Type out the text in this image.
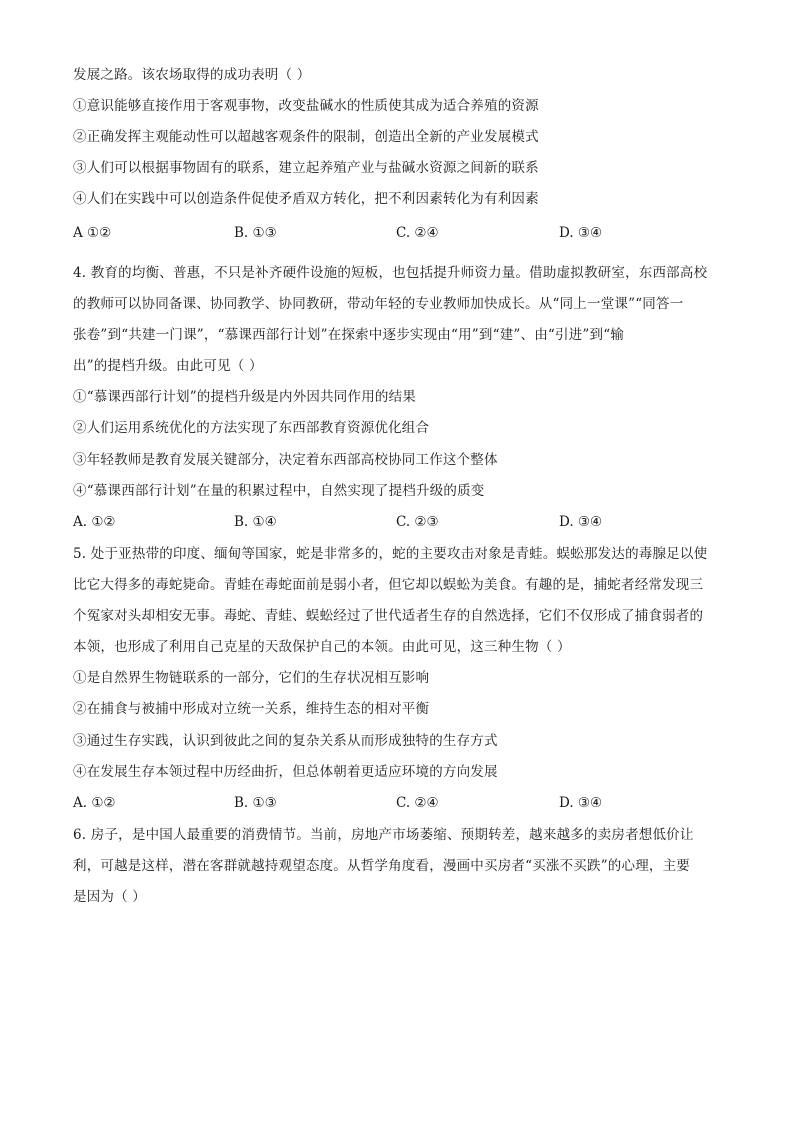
发展之路。该农场取得的成功表明（ ）
①意识能够直接作用于客观事物，改变盐碱水的性质使其成为适合养殖的资源
②正确发挥主观能动性可以超越客观条件的限制，创造出全新的产业发展模式
③人们可以根据事物固有的联系，建立起养殖产业与盐碱水资源之间新的联系
④人们在实践中可以创造条件促使矛盾双方转化，把不利因素转化为有利因素
A ①②	B. ①③	C. ②④	D. ③④
4. 教育的均衡、普惠，不只是补齐硬件设施的短板，也包括提升师资力量。借助虚拟教研室，东西部高校
的教师可以协同备课、协同教学、协同教研，带动年轻的专业教师加快成长。从“同上一堂课”“同答一
张卷”到“共建一门课”，“慕课西部行计划”在探索中逐步实现由“用”到“建”、由“引进”到“输
出”的提档升级。由此可见（ ）
①“慕课西部行计划”的提档升级是内外因共同作用的结果
②人们运用系统优化的方法实现了东西部教育资源优化组合
③年轻教师是教育发展关键部分，决定着东西部高校协同工作这个整体
④“慕课西部行计划”在量的积累过程中，自然实现了提档升级的质变
A. ①②	B. ①④	C. ②③	D. ③④
5. 处于亚热带的印度、缅甸等国家，蛇是非常多的，蛇的主要攻击对象是青蛙。蜈蚣那发达的毒腺足以使
比它大得多的毒蛇毙命。青蛙在毒蛇面前是弱小者，但它却以蜈蚣为美食。有趣的是，捕蛇者经常发现三
个冤家对头却相安无事。毒蛇、青蛙、蜈蚣经过了世代适者生存的自然选择，它们不仅形成了捕食弱者的
本领，也形成了利用自己克星的天敌保护自己的本领。由此可见，这三种生物（ ）
①是自然界生物链联系的一部分，它们的生存状况相互影响
②在捕食与被捕中形成对立统一关系，维持生态的相对平衡
③通过生存实践，认识到彼此之间的复杂关系从而形成独特的生存方式
④在发展生存本领过程中历经曲折，但总体朝着更适应环境的方向发展
A. ①②	B. ①③	C. ②④	D. ③④
6. 房子，是中国人最重要的消费情节。当前，房地产市场萎缩、预期转差，越来越多的卖房者想低价让
利，可越是这样，潜在客群就越持观望态度。从哲学角度看，漫画中买房者“买涨不买跌”的心理，主要
是因为（ ）
